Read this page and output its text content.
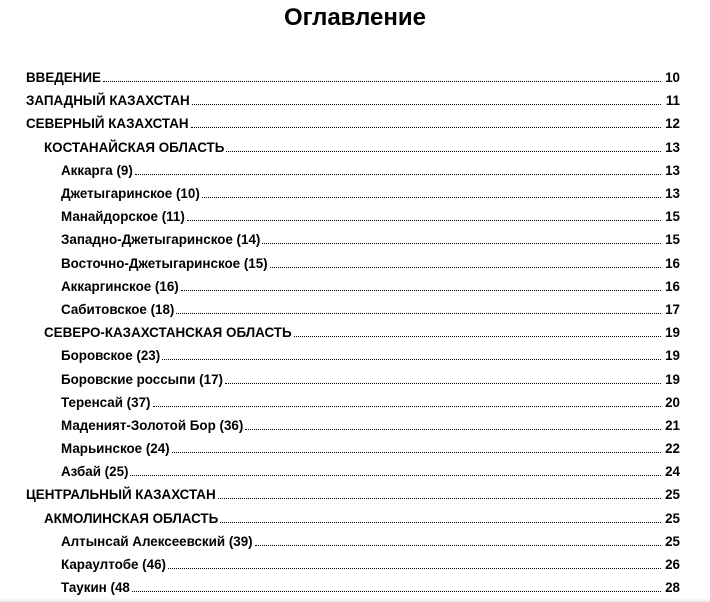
Оглавление
ВВЕДЕНИЕ	10
ЗАПАДНЫЙ КАЗАХСТАН	11
СЕВЕРНЫЙ КАЗАХСТАН	12
КОСТАНАЙСКАЯ ОБЛАСТЬ	13
Аккарга (9)	13
Джетыгаринское (10)	13
Манайдорское (11)	15
Западно-Джетыгаринское (14)	15
Восточно-Джетыгаринское (15)	16
Аккаргинское (16)	16
Сабитовское (18)	17
СЕВЕРО-КАЗАХСТАНСКАЯ ОБЛАСТЬ	19
Боровское (23)	19
Боровские россыпи (17)	19
Теренсай (37)	20
Маденият-Золотой Бор (36)	21
Марьинское (24)	22
Азбай (25)	24
ЦЕНТРАЛЬНЫЙ КАЗАХСТАН	25
АКМОЛИНСКАЯ ОБЛАСТЬ	25
Алтынсай Алексеевский (39)	25
Караултобе (46)	26
Таукин (48	28
